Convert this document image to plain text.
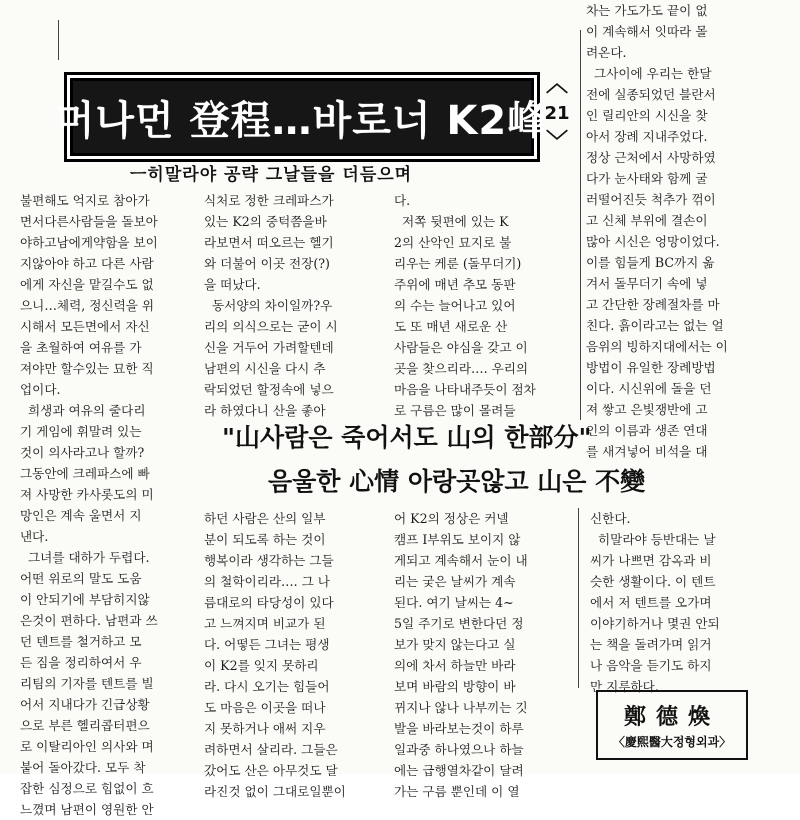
머나먼 登程…바로너 K2峰
︿
21
﹀
ㅡ히말라야 공략 그날들을 더듬으며
불편해도 억지로 참아가
면서다른사람들을 돌보아
야하고남에게약함을 보이
지않아야 하고 다른 사람
에게 자신을 맡길수도 없
으니…체력, 정신력을 위
시해서 모든면에서 자신
을 초월하여 여유를 가
져야만 할수있는 묘한 직
업이다.
희생과 여유의 줄다리
기 게임에 휘말려 있는
것이 의사라고나 할까?
그동안에 크레파스에 빠
져 사망한 카사롯도의 미
망인은 계속 울면서 지
낸다.
그녀를 대하가 두렵다.
어떤 위로의 말도 도움
이 안되기에 부담히지않
은것이 편하다. 남편과 쓰
던 텐트를 철거하고 모
든 짐을 정리하여서 우
리팀의 기자를 텐트를 빌
어서 지내다가 긴급상황
으로 부른 헬리콥터편으
로 이탈리아인 의사와 며
붙어 돌아갔다. 모두 착
잡한 심정으로 힘없이 흐
느꼈며 남편이 영원한 안
식처로 정한 크레파스가
있는 K2의 중턱쯤을바
라보면서 떠오르는 헬기
와 더불어 이곳 전장(?)
을 떠났다.
동서양의 차이일까?우
리의 의식으로는 굳이 시
신을 거두어 가려할텐데
남편의 시신을 다시 추
락되었던 할정속에 넣으
라 하였다니 산을 좋아
다.
저쪽 뒷편에 있는 K
2의 산악인 묘지로 불
리우는 케룬 (돌무더기)
주위에 매년 추모 동판
의 수는 늘어나고 있어
도 또 매년 새로운 산
사람들은 야심을 갖고 이
곳을 찾으리라…. 우리의
마음을 나타내주듯이 점차
로 구름은 많이 몰려들
차는 가도가도 끝이 없
이 계속해서 잇따라 몰
려온다.
그사이에 우리는 한달
전에 실종되었던 블란서
인 릴리안의 시신을 찾
아서 장례 지내주었다.
정상 근처에서 사망하였
다가 눈사태와 함께 굴
러떨어진듯 척추가 꺾이
고 신체 부위에 결손이
많아 시신은 엉망이었다.
이를 힘들게 BC까지 옮
겨서 돌무더기 속에 넣
고 간단한 장례절차를 마
친다. 흙이라고는 없는 얼
음위의 빙하지대에서는 이
방법이 유일한 장례방법
이다. 시신위에 돌을 던
져 쌓고 은빛쟁반에 고
인의 이름과 생존 연대
를 새겨넣어 비석을 대
"山사람은 죽어서도 山의 한部分"
음울한 心情 아랑곳않고 山은 不變
하던 사람은 산의 일부
분이 되도록 하는 것이
행복이라 생각하는 그들
의 철학이리라…. 그 나
름대로의 타당성이 있다
고 느껴지며 비교가 된
다. 어떻든 그녀는 평생
이 K2를 잊지 못하리
라. 다시 오기는 힘들어
도 마음은 이곳을 떠나
지 못하거나 애써 지우
려하면서 살리라. 그들은
갔어도 산은 아무것도 달
라진것 없이 그대로일뿐이
어 K2의 정상은 커넬
캠프 Ⅰ부위도 보이지 않
게되고 계속해서 눈이 내
리는 궂은 날씨가 계속
된다. 여기 날씨는 4~
5일 주기로 변한다던 정
보가 맞지 않는다고 실
의에 차서 하늘만 바라
보며 바람의 방향이 바
뀌지나 않나 나부끼는 깃
발을 바라보는것이 하루
일과중 하나였으나 하늘
에는 급행열차같이 달려
가는 구름 뿐인데 이 열
신한다.
히말라야 등반대는 날
씨가 나쁘면 감옥과 비
슷한 생활이다. 이 텐트
에서 저 텐트를 오가며
이야기하거나 몇권 안되
는 책을 돌려가며 읽거
나 음악을 듣기도 하지
만 지루하다.
鄭德煥
〈慶熙醫大정형외과〉
